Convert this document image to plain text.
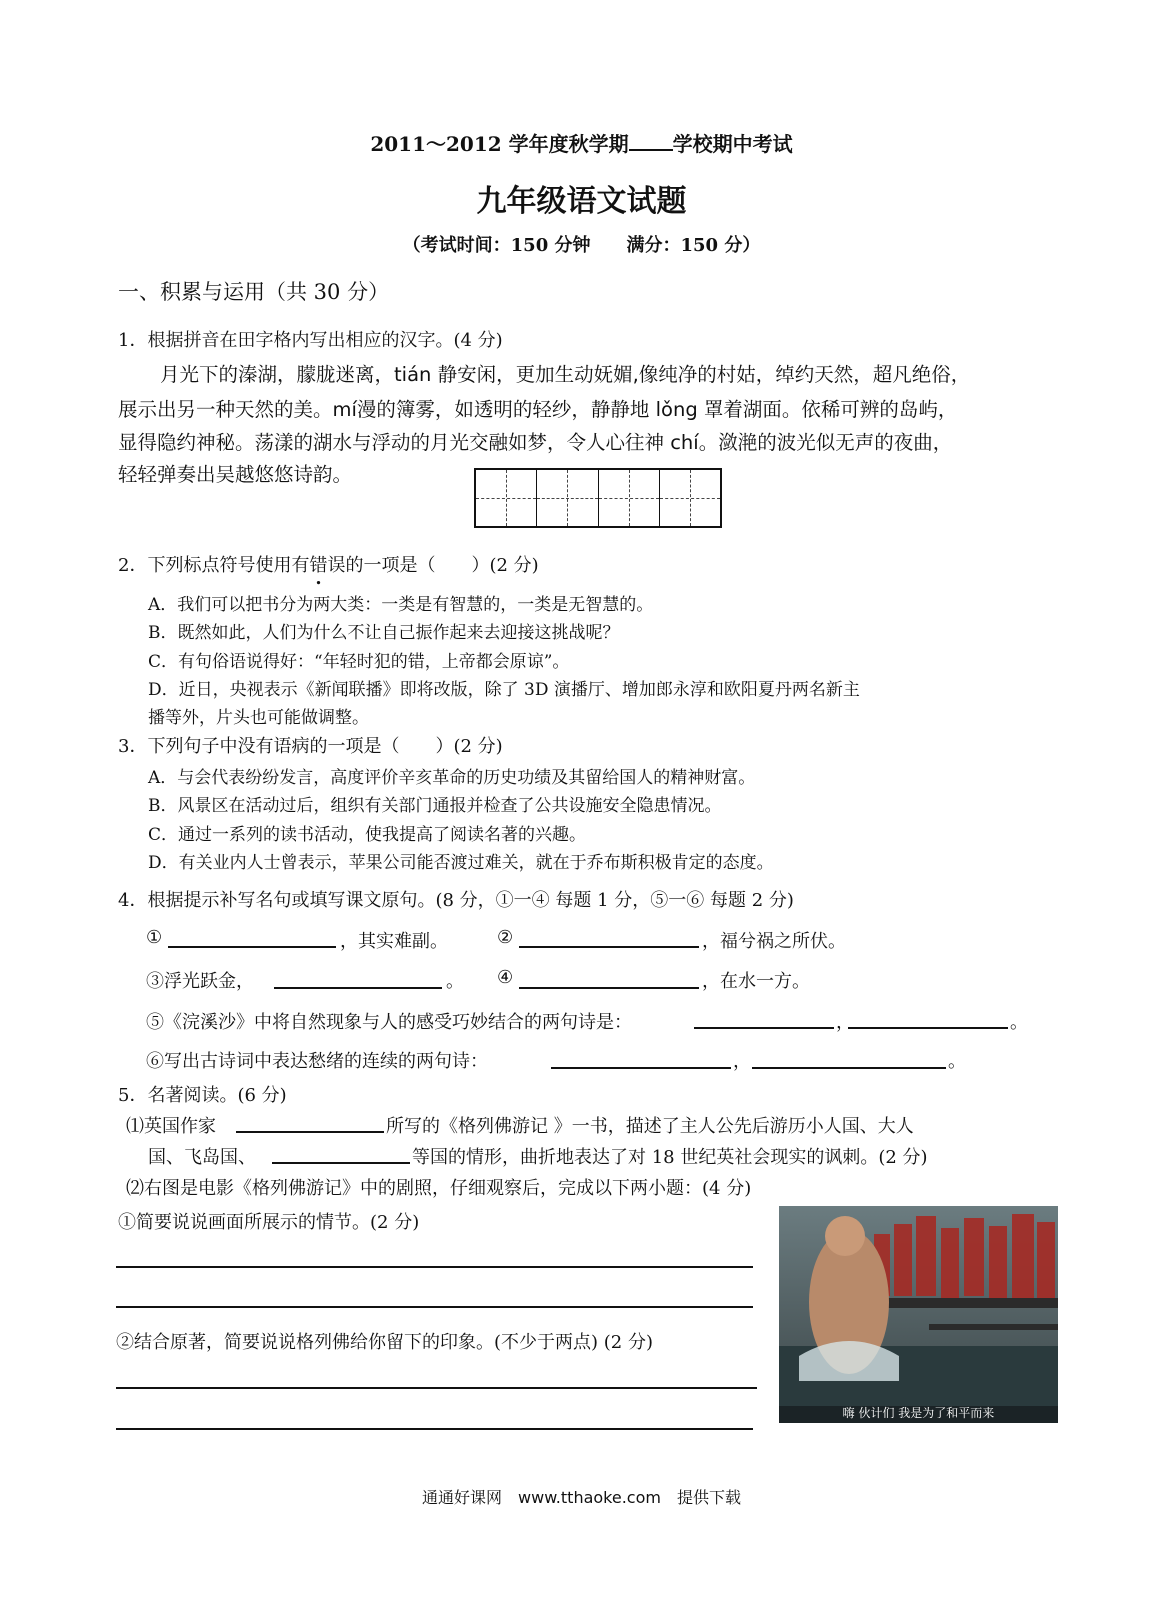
2011～2012 学年度秋学期 学校期中考试
九年级语文试题
（考试时间：150 分钟　　满分：150 分）
一、积累与运用（共 30 分）
1．根据拼音在田字格内写出相应的汉字。(4 分)
月光下的溱湖，朦胧迷离，tián 静安闲，更加生动妩媚,像纯净的村姑，绰约天然，超凡绝俗，
展示出另一种天然的美。mí漫的簿雾，如透明的轻纱，静静地 lǒng 罩着湖面。依稀可辨的岛屿，
显得隐约神秘。荡漾的湖水与浮动的月光交融如梦，令人心往神 chí。潋滟的波光似无声的夜曲，
轻轻弹奏出吴越悠悠诗韵。
2．下列标点符号使用有错误的一项是（　　）(2 分)
A．我们可以把书分为两大类：一类是有智慧的，一类是无智慧的。
B．既然如此，人们为什么不让自己振作起来去迎接这挑战呢？
C．有句俗语说得好：“年轻时犯的错，上帝都会原谅”。
D．近日，央视表示《新闻联播》即将改版，除了 3D 演播厅、增加郎永淳和欧阳夏丹两名新主
播等外，片头也可能做调整。
3．下列句子中没有语病的一项是（　　）(2 分)
A．与会代表纷纷发言，高度评价辛亥革命的历史功绩及其留给国人的精神财富。
B．风景区在活动过后，组织有关部门通报并检查了公共设施安全隐患情况。
C．通过一系列的读书活动，使我提高了阅读名著的兴趣。
D．有关业内人士曾表示，苹果公司能否渡过难关，就在于乔布斯积极肯定的态度。
4．根据提示补写名句或填写课文原句。(8 分，①一④ 每题 1 分，⑤一⑥ 每题 2 分)
①	，其实难副。	②	，福兮祸之所伏。
③浮光跃金，	。 ④	，在水一方。
⑤《浣溪沙》中将自然现象与人的感受巧妙结合的两句诗是：	，	。
⑥写出古诗词中表达愁绪的连续的两句诗：	，	。
5．名著阅读。(6 分)
⑴英国作家	所写的《格列佛游记 》一书，描述了主人公先后游历小人国、大人
国、飞岛国、	等国的情形，曲折地表达了对 18 世纪英社会现实的讽刺。(2 分)
⑵右图是电影《格列佛游记》中的剧照，仔细观察后，完成以下两小题：(4 分)
①简要说说画面所展示的情节。(2 分)
②结合原著，简要说说格列佛给你留下的印象。(不少于两点) (2 分)
嗨 伙计们 我是为了和平而来
通通好课网　www.tthaoke.com　提供下载
